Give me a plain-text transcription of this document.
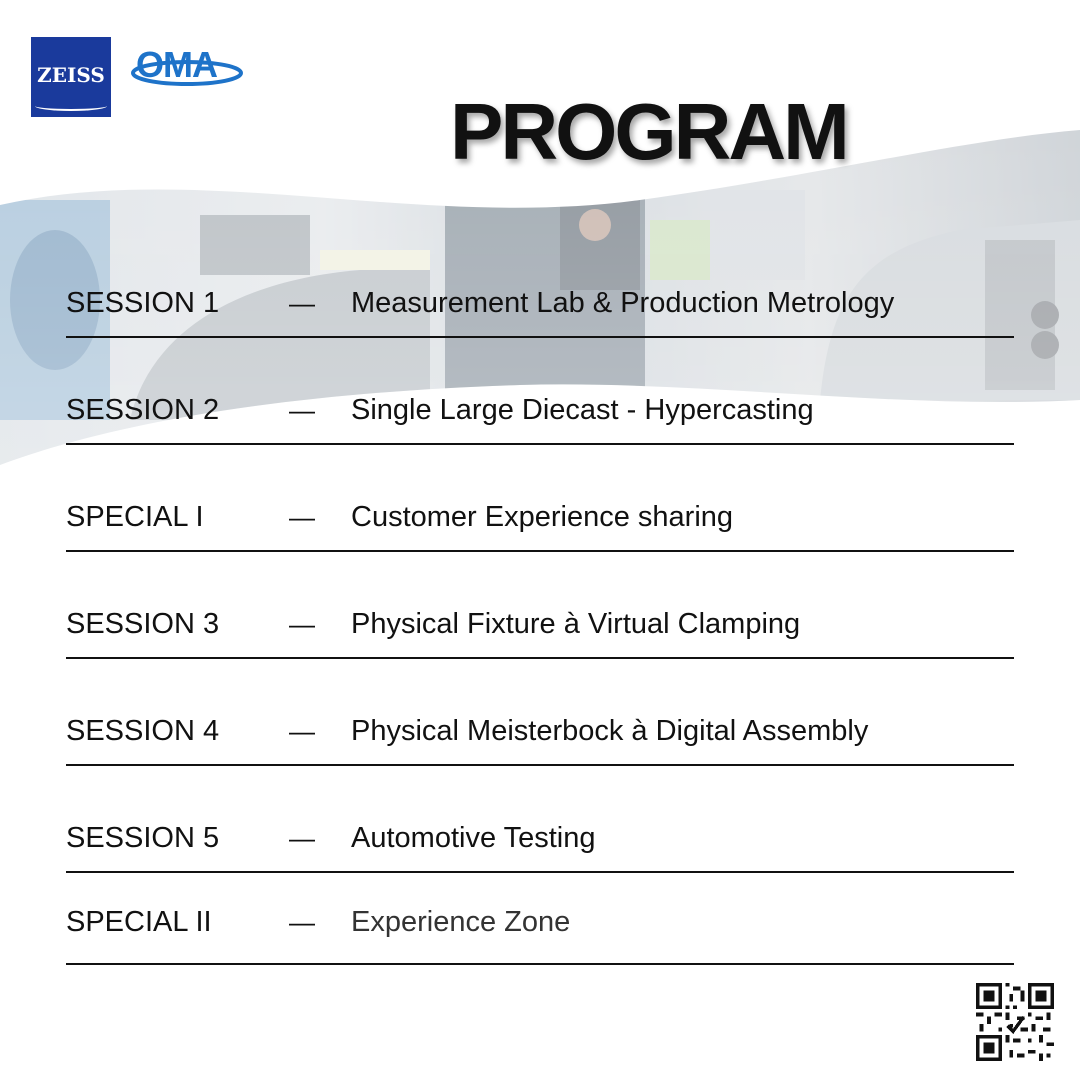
ZEISS OMA
PROGRAM
SESSION 1	— Measurement Lab & Production Metrology
SESSION 2	— Single Large Diecast - Hypercasting
SPECIAL I	— Customer Experience sharing
SESSION 3	— Physical Fixture à Virtual Clamping
SESSION 4	— Physical Meisterbock à Digital Assembly
SESSION 5	— Automotive Testing
SPECIAL II	— Experience Zone
